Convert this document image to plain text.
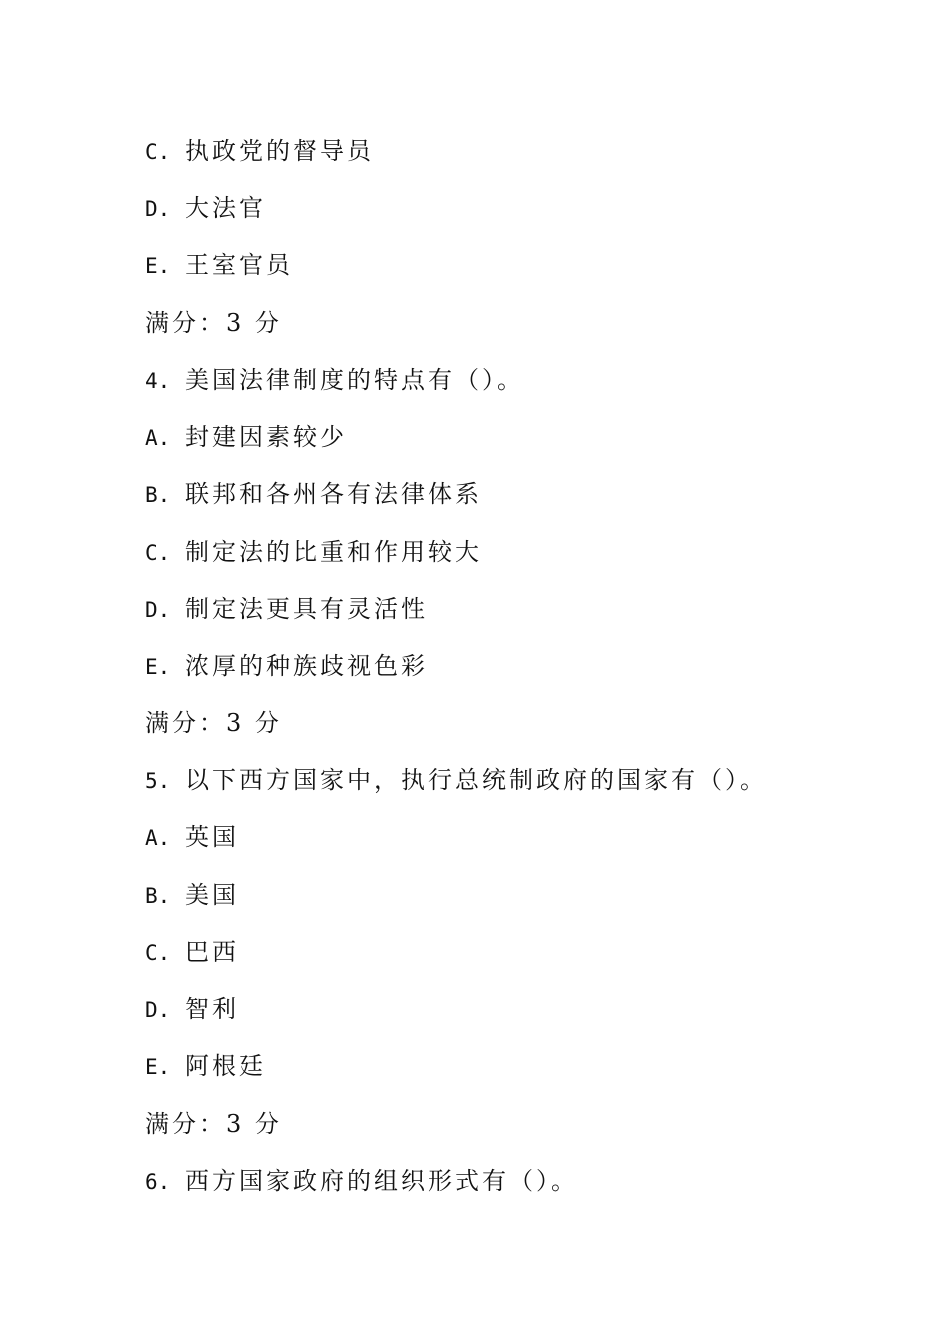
C. 执政党的督导员
D. 大法官
E. 王室官员
满分：3 分
4. 美国法律制度的特点有（）。
A. 封建因素较少
B. 联邦和各州各有法律体系
C. 制定法的比重和作用较大
D. 制定法更具有灵活性
E. 浓厚的种族歧视色彩
满分：3 分
5. 以下西方国家中，执行总统制政府的国家有（）。
A. 英国
B. 美国
C. 巴西
D. 智利
E. 阿根廷
满分：3 分
6. 西方国家政府的组织形式有（）。
